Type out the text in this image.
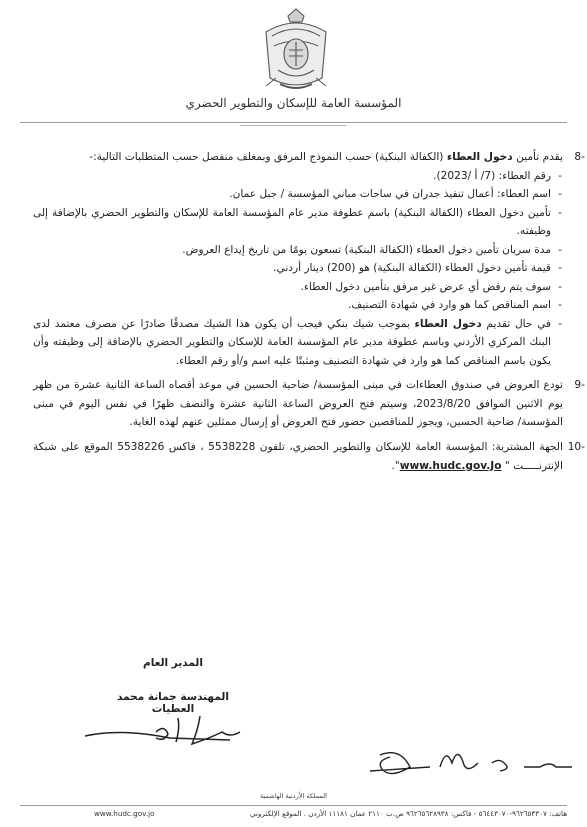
المؤسسة العامة للإسكان والتطوير الحضري
-8
يقدم تأمين دخول العطاء (الكفالة البنكية) حسب النموذج المرفق وبمغلف منفصل حسب المتطلبات التالية:-
- رقم العطاء: (7/ أ /2023).
- اسم العطاء: أعمال تنفيذ جدران في ساحات مباني المؤسسة / جبل عمان.
- تأمين دخول العطاء (الكفالة البنكية) باسم عطوفة مدير عام المؤسسة العامة للإسكان والتطوير الحضري بالإضافة إلى وظيفته.
- مدة سريان تأمين دخول العطاء (الكفالة البنكية) تسعون يومًا من تاريخ إيداع العروض.
- قيمة تأمين دخول العطاء (الكفالة البنكية) هو (200) دينار أردني.
- سوف يتم رفض أي عرض غير مرفق بتأمين دخول العطاء.
- اسم المناقص كما هو وارد في شهادة التصنيف.
- في حال تقديم دخول العطاء بموجب شيك بنكي فيجب أن يكون هذا الشيك مصدقًا صادرًا عن مصرف معتمد لدى البنك المركزي الأردني وباسم عطوفة مدير عام المؤسسة العامة للإسكان والتطوير الحضري بالإضافة إلى وظيفته وأن يكون باسم المناقص كما هو وارد في شهادة التصنيف ومثبتًا عليه اسم و/أو رقم العطاء.
-9
تودع العروض في صندوق العطاءات في مبنى المؤسسة/ ضاحية الحسين في موعد أقصاه الساعة الثانية عشرة من ظهر يوم الاثنين الموافق 2023/8/20، وسيتم فتح العروض الساعة الثانية عشرة والنصف ظهرًا في نفس اليوم في مبنى المؤسسة/ ضاحية الحسين، ويجوز للمناقصين حضور فتح العروض أو إرسال ممثلين عنهم لهذه الغاية.
-10
الجهة المشترية: المؤسسة العامة للإسكان والتطوير الحضري، تلفون 5538228 ، فاكس 5538226 الموقع على شبكة الإنترنـــــت " www.hudc.gov.Jo".
المدير العام
المهندسة جمانة محمد العطيات
المملكة الأردنية الهاشمية
هاتف: ٩٦٢٦٥٣٣٠٧-٥٦٤٤٣٠٧٠ - فاكس: ٩٦٢٦٥٦٢٨٩٣٨ ص.ب ٢١١٠ عمان ١١١٨١ الأردن . الموقع الإلكتروني
www.hudc.gov.jo
